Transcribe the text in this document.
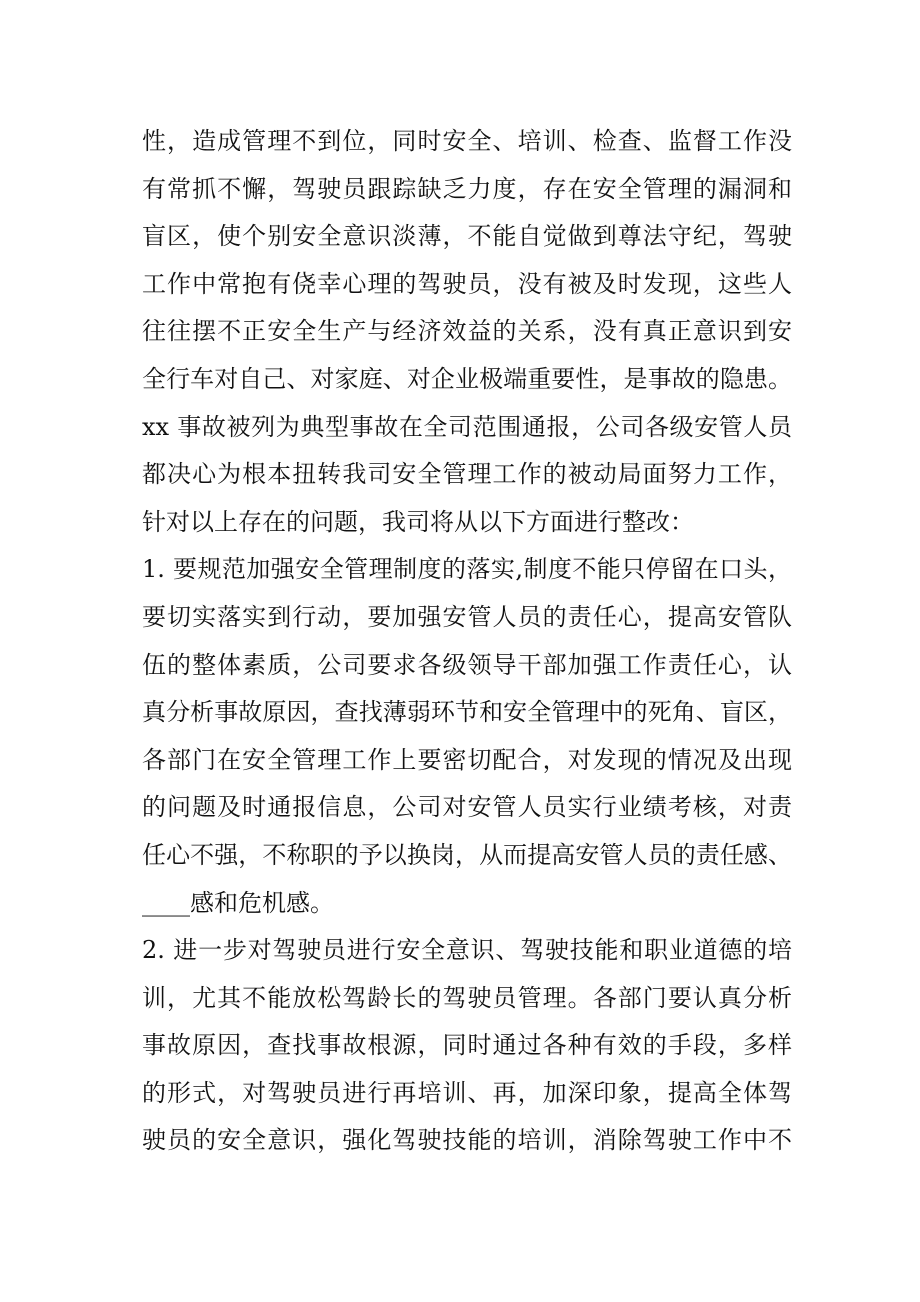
性，造成管理不到位，同时安全、培训、检查、监督工作没
有常抓不懈，驾驶员跟踪缺乏力度，存在安全管理的漏洞和
盲区，使个别安全意识淡薄，不能自觉做到尊法守纪，驾驶
工作中常抱有侥幸心理的驾驶员，没有被及时发现，这些人
往往摆不正安全生产与经济效益的关系，没有真正意识到安
全行车对自己、对家庭、对企业极端重要性，是事故的隐患。
xx 事故被列为典型事故在全司范围通报，公司各级安管人员
都决心为根本扭转我司安全管理工作的被动局面努力工作，
针对以上存在的问题，我司将从以下方面进行整改：
1. 要规范加强安全管理制度的落实,制度不能只停留在口头，
要切实落实到行动，要加强安管人员的责任心，提高安管队
伍的整体素质，公司要求各级领导干部加强工作责任心，认
真分析事故原因，查找薄弱环节和安全管理中的死角、盲区，
各部门在安全管理工作上要密切配合，对发现的情况及出现
的问题及时通报信息，公司对安管人员实行业绩考核，对责
任心不强，不称职的予以换岗，从而提高安管人员的责任感、
____感和危机感。
2. 进一步对驾驶员进行安全意识、驾驶技能和职业道德的培
训，尤其不能放松驾龄长的驾驶员管理。各部门要认真分析
事故原因，查找事故根源，同时通过各种有效的手段，多样
的形式，对驾驶员进行再培训、再，加深印象，提高全体驾
驶员的安全意识，强化驾驶技能的培训，消除驾驶工作中不
